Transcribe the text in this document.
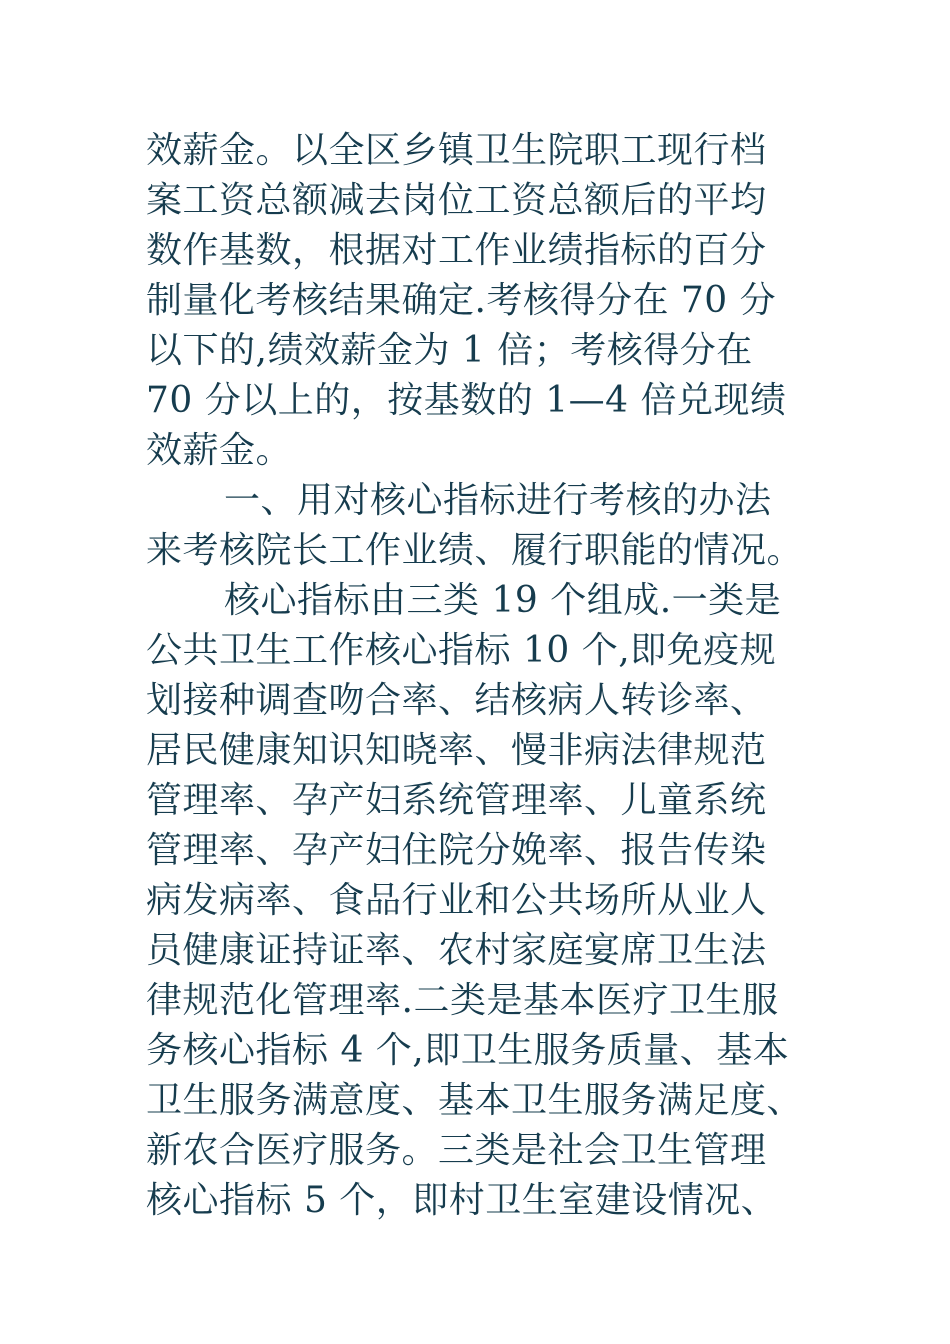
效薪金。以全区乡镇卫生院职工现行档
案工资总额减去岗位工资总额后的平均
数作基数，根据对工作业绩指标的百分
制量化考核结果确定.考核得分在 70 分
以下的,绩效薪金为 1 倍；考核得分在
70 分以上的，按基数的 1—4 倍兑现绩
效薪金。
一、用对核心指标进行考核的办法
来考核院长工作业绩、履行职能的情况。
核心指标由三类 19 个组成.一类是
公共卫生工作核心指标 10 个,即免疫规
划接种调查吻合率、结核病人转诊率、
居民健康知识知晓率、慢非病法律规范
管理率、孕产妇系统管理率、儿童系统
管理率、孕产妇住院分娩率、报告传染
病发病率、食品行业和公共场所从业人
员健康证持证率、农村家庭宴席卫生法
律规范化管理率.二类是基本医疗卫生服
务核心指标 4 个,即卫生服务质量、基本
卫生服务满意度、基本卫生服务满足度、
新农合医疗服务。三类是社会卫生管理
核心指标 5 个，即村卫生室建设情况、
